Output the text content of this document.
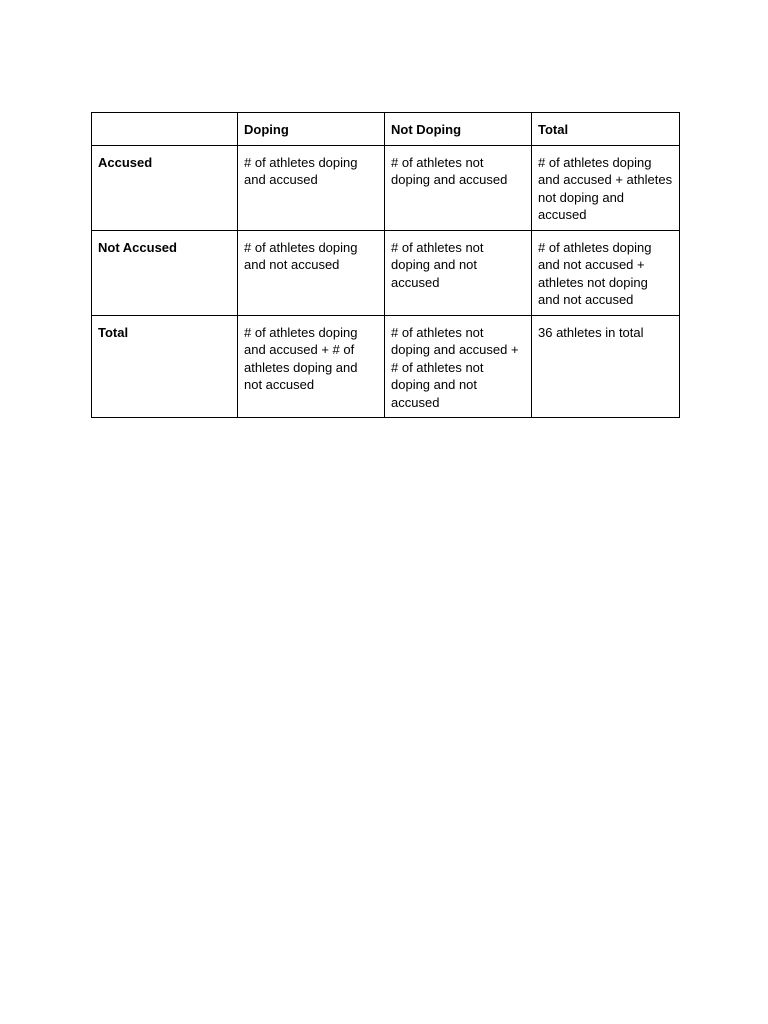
	Doping	Not Doping	Total
Accused	# of athletes doping and accused	# of athletes not doping and accused	# of athletes doping and accused + athletes not doping and accused
Not Accused	# of athletes doping and not accused	# of athletes not doping and not accused	# of athletes doping and not accused + athletes not doping and not accused
Total	# of athletes doping and accused + # of athletes doping and not accused	# of athletes not doping and accused + # of athletes not doping and not accused	36 athletes in total
